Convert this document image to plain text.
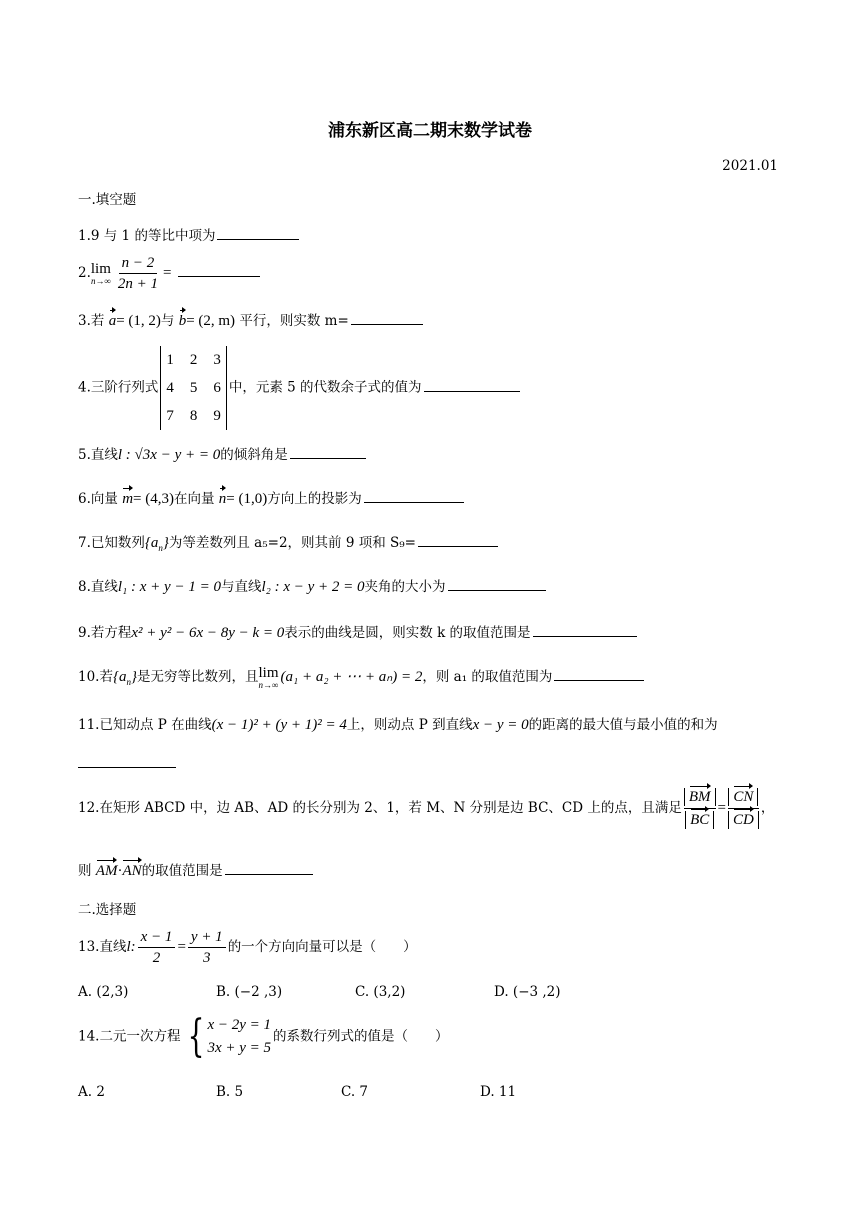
浦东新区高二期末数学试卷
2021.01
一.填空题
1.9 与 1 的等比中项为
2. lim
$n\to\infty \frac{n - 2}{2n + 1}$ =
3.若 a= (1, 2)与 b= (2, m) 平行，则实数 m=
4.三阶行列式
1	2	3
4	5	6
7	8	9
中，元素 5 的代数余子式的值为
5.直线l : √3x − y + = 0的倾斜角是
6.向量 m= (4,3)在向量 n= (1,0)方向上的投影为
7.已知数列$\{a_n\}$为等差数列且 a₅=2，则其前 9 项和 S₉=
8.直线l₁ : x + y − 1 = 0与直线l₂ : x − y + 2 = 0夹角的大小为
9.若方程x² + y² − 6x − 8y − k = 0表示的曲线是圆，则实数 k 的取值范围是
10.若$\{a_n\}$是无穷等比数列，且 lim
n→∞
(a₁ + a₂ + ⋯ + aₙ) = 2，则 a₁ 的取值范围为
11.已知动点 P 在曲线(x − 1)² + (y + 1)² = 4上，则动点 P 到直线x − y = 0的距离的最大值与最小值的和为
12.在矩形 ABCD 中，边 AB、AD 的长分别为 2、1，若 M、N 分别是边 BC、CD 上的点，且满足 $\frac{BM}{BC} = \frac{CN}{CD}$ ，
则 AM·AN的取值范围是
二.选择题
13.直线l: $\frac{x - 1}{2} = \frac{y + 1}{3}$ 的一个方向向量可以是（　　）
A. (2,3)	B. (−2 ,3)	C. (3,2)	D. (−3 ,2)
14.二元一次方程 { x − 2y = 1
3x + y = 5
的系数行列式的值是（　　）
A. 2	B. 5	C. 7	D. 11
